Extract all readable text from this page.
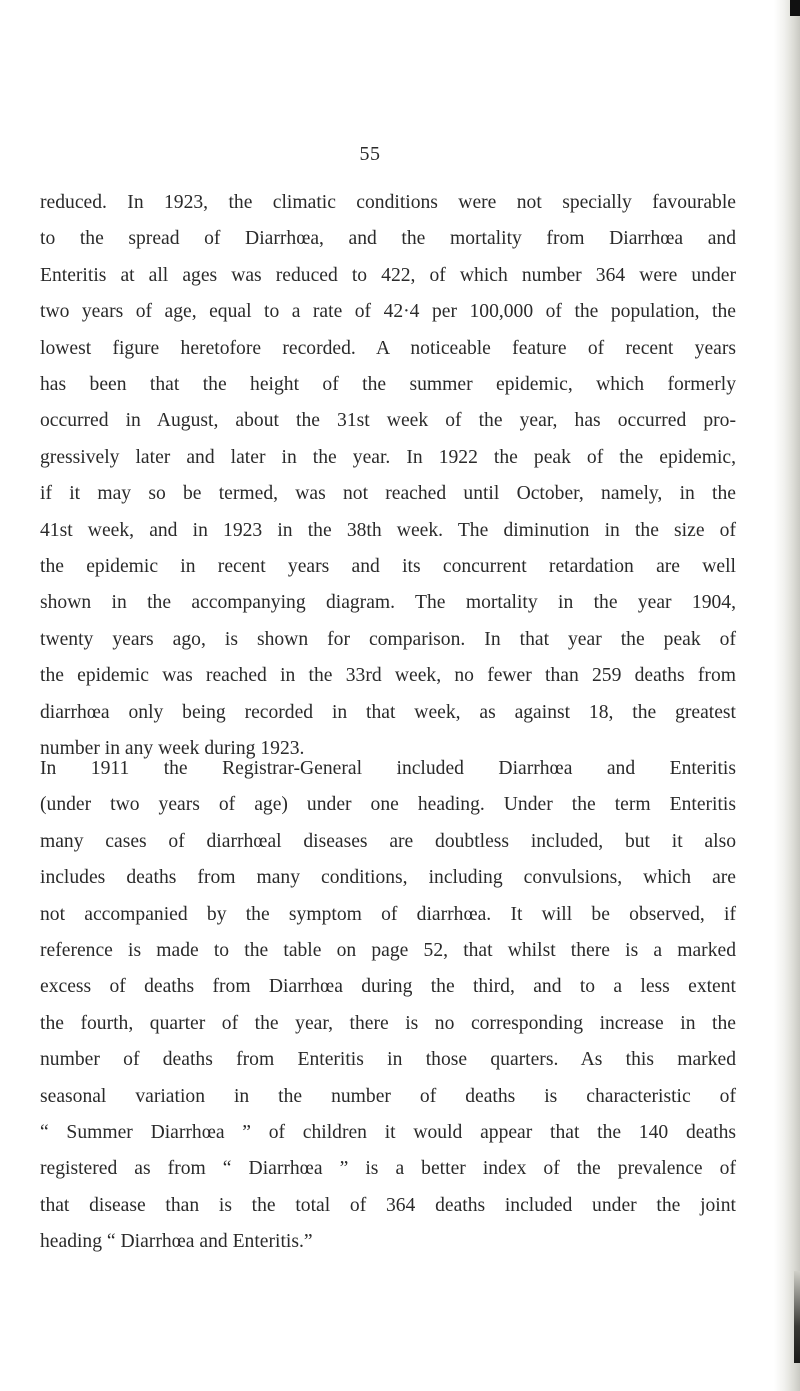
55
reduced. In 1923, the climatic conditions were not specially favourable
to the spread of Diarrhœa, and the mortality from Diarrhœa and
Enteritis at all ages was reduced to 422, of which number 364 were under
two years of age, equal to a rate of 42·4 per 100,000 of the population, the
lowest figure heretofore recorded. A noticeable feature of recent years
has been that the height of the summer epidemic, which formerly
occurred in August, about the 31st week of the year, has occurred pro-
gressively later and later in the year. In 1922 the peak of the epidemic,
if it may so be termed, was not reached until October, namely, in the
41st week, and in 1923 in the 38th week. The diminution in the size of
the epidemic in recent years and its concurrent retardation are well
shown in the accompanying diagram. The mortality in the year 1904,
twenty years ago, is shown for comparison. In that year the peak of
the epidemic was reached in the 33rd week, no fewer than 259 deaths from
diarrhœa only being recorded in that week, as against 18, the greatest
number in any week during 1923.
In 1911 the Registrar-General included Diarrhœa and Enteritis
(under two years of age) under one heading. Under the term Enteritis
many cases of diarrhœal diseases are doubtless included, but it also
includes deaths from many conditions, including convulsions, which are
not accompanied by the symptom of diarrhœa. It will be observed, if
reference is made to the table on page 52, that whilst there is a marked
excess of deaths from Diarrhœa during the third, and to a less extent
the fourth, quarter of the year, there is no corresponding increase in the
number of deaths from Enteritis in those quarters. As this marked
seasonal variation in the number of deaths is characteristic of
“ Summer Diarrhœa ” of children it would appear that the 140 deaths
registered as from “ Diarrhœa ” is a better index of the prevalence of
that disease than is the total of 364 deaths included under the joint
heading “ Diarrhœa and Enteritis.”
